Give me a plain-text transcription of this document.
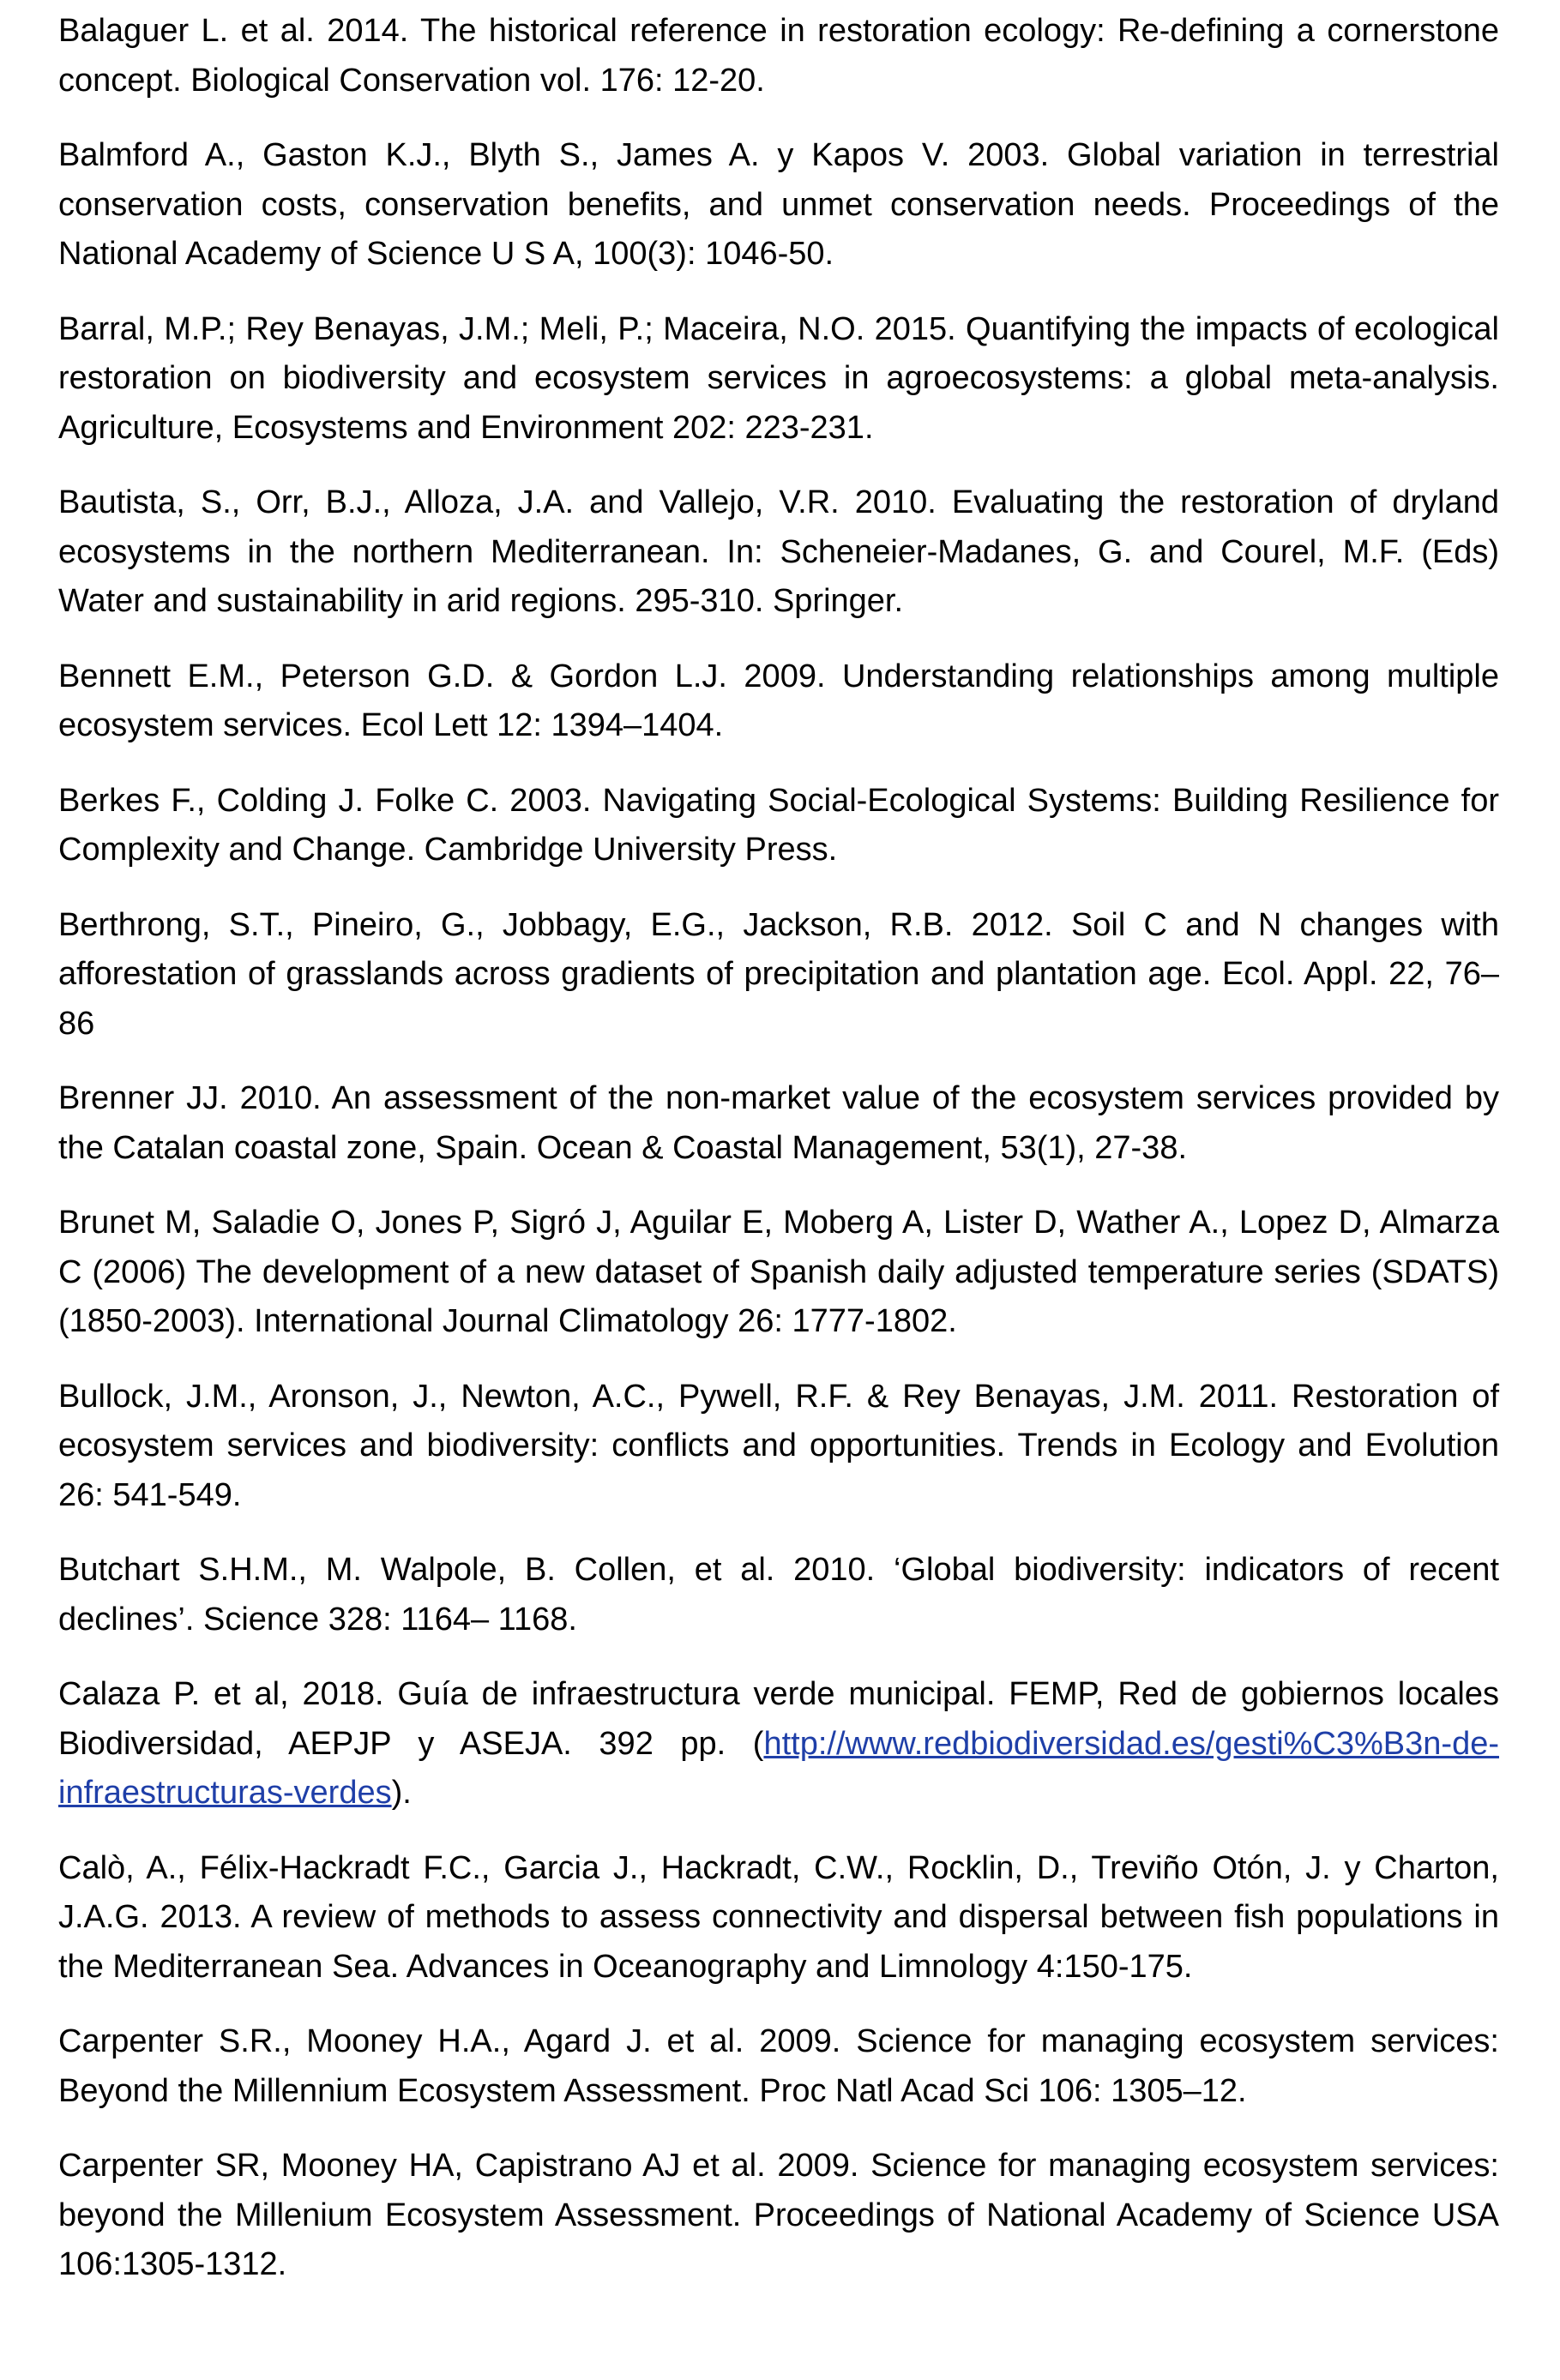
Balaguer L. et al. 2014. The historical reference in restoration ecology: Re-defining a cornerstone concept. Biological Conservation vol. 176: 12-20.

Balmford A., Gaston K.J., Blyth S., James A. y Kapos V. 2003. Global variation in terrestrial conservation costs, conservation benefits, and unmet conservation needs. Proceedings of the National Academy of Science U S A, 100(3): 1046-50.

Barral, M.P.; Rey Benayas, J.M.; Meli, P.; Maceira, N.O. 2015. Quantifying the impacts of ecological restoration on biodiversity and ecosystem services in agroecosystems: a global meta-analysis. Agriculture, Ecosystems and Environment 202: 223-231.

Bautista, S., Orr, B.J., Alloza, J.A. and Vallejo, V.R. 2010. Evaluating the restoration of dryland ecosystems in the northern Mediterranean. In: Scheneier-Madanes, G. and Courel, M.F. (Eds) Water and sustainability in arid regions. 295-310. Springer.

Bennett E.M., Peterson G.D. & Gordon L.J. 2009. Understanding relationships among multiple ecosystem services. Ecol Lett 12: 1394–1404.

Berkes F., Colding J. Folke C. 2003. Navigating Social-Ecological Systems: Building Resilience for Complexity and Change. Cambridge University Press.

Berthrong, S.T., Pineiro, G., Jobbagy, E.G., Jackson, R.B. 2012. Soil C and N changes with afforestation of grasslands across gradients of precipitation and plantation age. Ecol. Appl. 22, 76–86

Brenner JJ. 2010. An assessment of the non-market value of the ecosystem services provided by the Catalan coastal zone, Spain. Ocean & Coastal Management, 53(1), 27-38.

Brunet M, Saladie O, Jones P, Sigró J, Aguilar E, Moberg A, Lister D, Wather A., Lopez D, Almarza C (2006) The development of a new dataset of Spanish daily adjusted temperature series (SDATS)(1850-2003). International Journal Climatology 26: 1777-1802.

Bullock, J.M., Aronson, J., Newton, A.C., Pywell, R.F. & Rey Benayas, J.M. 2011. Restoration of ecosystem services and biodiversity: conflicts and opportunities. Trends in Ecology and Evolution 26: 541-549.

Butchart S.H.M., M. Walpole, B. Collen, et al. 2010. ‘Global biodiversity: indicators of recent declines’. Science 328: 1164– 1168.

Calaza P. et al, 2018. Guía de infraestructura verde municipal. FEMP, Red de gobiernos locales Biodiversidad, AEPJP y ASEJA. 392 pp. (http://www.redbiodiversidad.es/gesti%C3%B3n-de-infraestructuras-verdes).

Calò, A., Félix-Hackradt F.C., Garcia J., Hackradt, C.W., Rocklin, D., Treviño Otón, J. y Charton, J.A.G. 2013. A review of methods to assess connectivity and dispersal between fish populations in the Mediterranean Sea. Advances in Oceanography and Limnology 4:150-175.

Carpenter S.R., Mooney H.A., Agard J. et al. 2009. Science for managing ecosystem services: Beyond the Millennium Ecosystem Assessment. Proc Natl Acad Sci 106: 1305–12.

Carpenter SR, Mooney HA, Capistrano AJ et al. 2009. Science for managing ecosystem services: beyond the Millenium Ecosystem Assessment. Proceedings of National Academy of Science USA 106:1305-1312.
